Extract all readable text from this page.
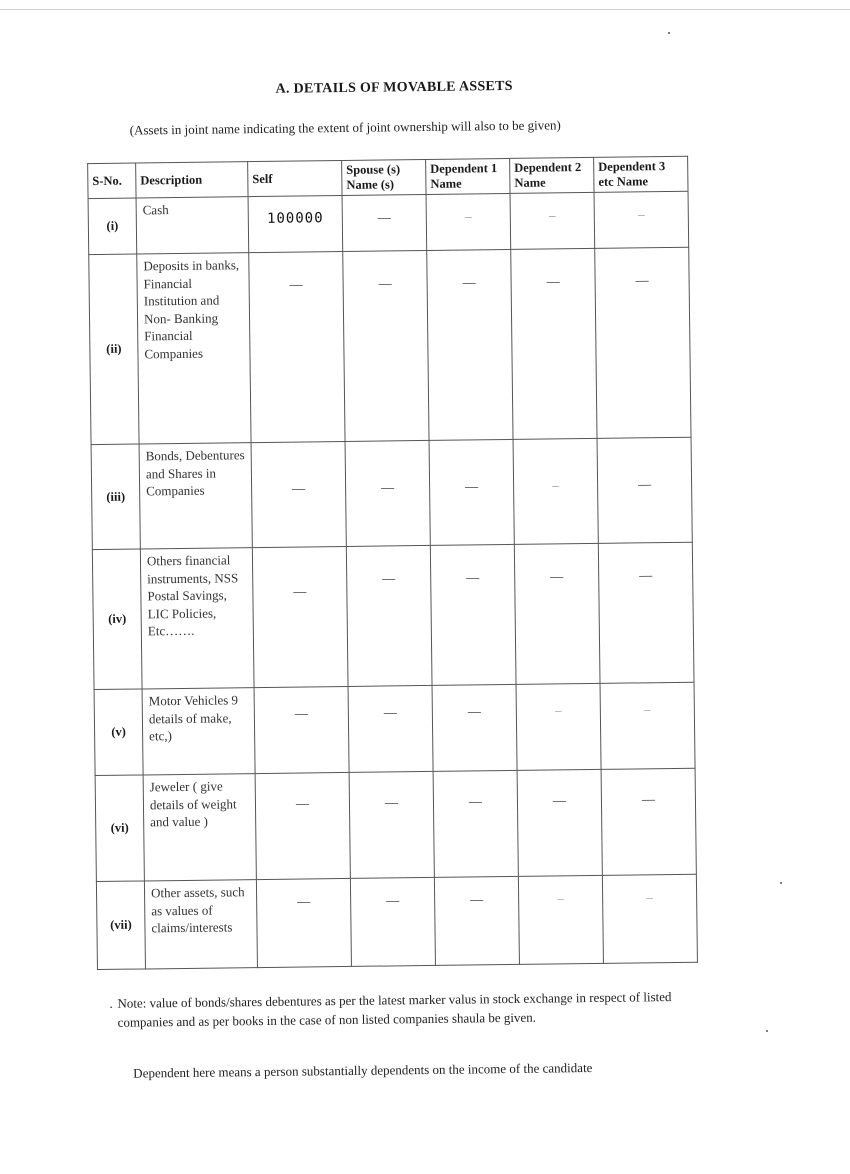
A. DETAILS OF MOVABLE ASSETS
(Assets in joint name indicating the extent of joint ownership will also to be given)
S-No.	Description	Self	Spouse (s) Name (s)	Dependent 1 Name	Dependent 2 Name	Dependent 3 etc Name
(i)	Cash	100000	—	–	–	–
(ii)	Deposits in banks, Financial Institution and Non- Banking Financial Companies	—	—	—	—	—
(iii)	Bonds, Debentures and Shares in Companies	—	—	—	–	—
(iv)	Others financial instruments, NSS Postal Savings, LIC Policies, Etc…….	—	—	—	—	—
(v)	Motor Vehicles 9 details of make, etc,)	—	—	—	–	–
(vi)	Jeweler ( give details of weight and value )	—	—	—	—	—
(vii)	Other assets, such as values of claims/interests	—	—	—	–	–
. Note: value of bonds/shares debentures as per the latest marker valus in stock exchange in respect of listed companies and as per books in the case of non listed companies shaula be given.
Dependent here means a person substantially dependents on the income of the candidate
